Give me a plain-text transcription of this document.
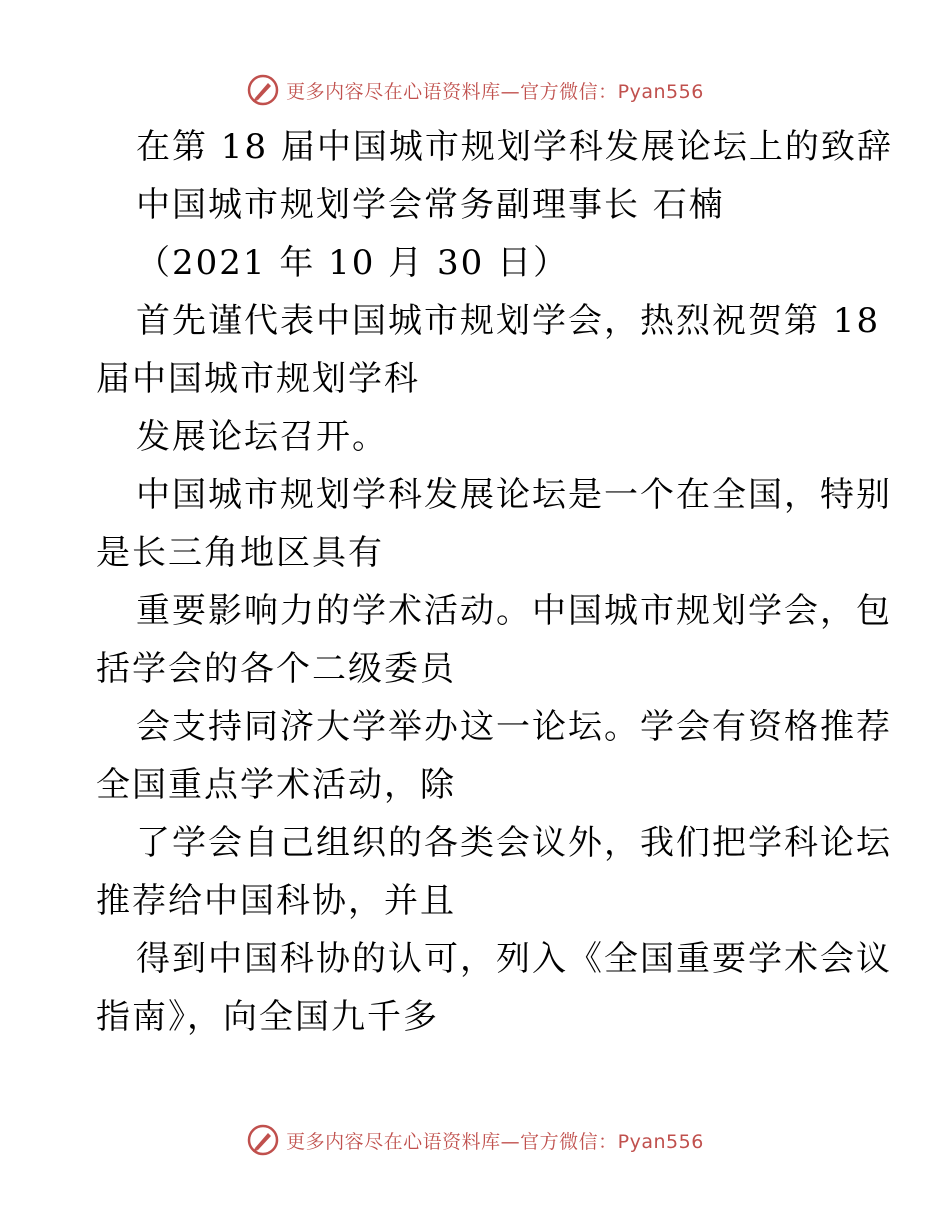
更多内容尽在心语资料库—官方微信：Pyan556
在第 18 届中国城市规划学科发展论坛上的致辞
中国城市规划学会常务副理事长 石楠
（2021 年 10 月 30 日）
首先谨代表中国城市规划学会，热烈祝贺第 18
届中国城市规划学科
发展论坛召开。
中国城市规划学科发展论坛是一个在全国，特别
是长三角地区具有
重要影响力的学术活动。中国城市规划学会，包
括学会的各个二级委员
会支持同济大学举办这一论坛。学会有资格推荐
全国重点学术活动，除
了学会自己组织的各类会议外，我们把学科论坛
推荐给中国科协，并且
得到中国科协的认可，列入《全国重要学术会议
指南》，向全国九千多
更多内容尽在心语资料库—官方微信：Pyan556
